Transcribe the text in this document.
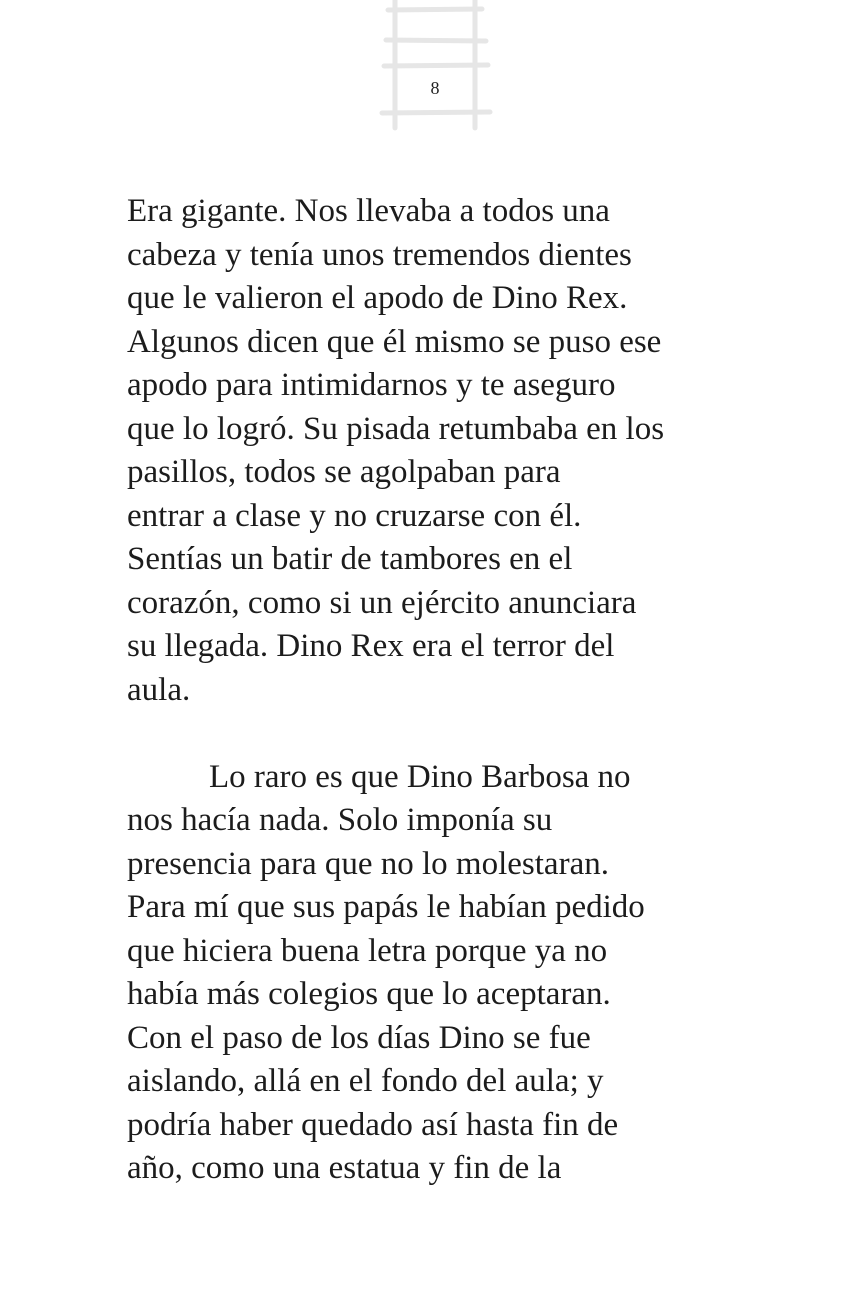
8
Era gigante. Nos llevaba a todos una
cabeza y tenía unos tremendos dientes
que le valieron el apodo de Dino Rex.
Algunos dicen que él mismo se puso ese
apodo para intimidarnos y te aseguro
que lo logró. Su pisada retumbaba en los
pasillos, todos se agolpaban para
entrar a clase y no cruzarse con él.
Sentías un batir de tambores en el
corazón, como si un ejército anunciara
su llegada. Dino Rex era el terror del
aula.
Lo raro es que Dino Barbosa no
nos hacía nada. Solo imponía su
presencia para que no lo molestaran.
Para mí que sus papás le habían pedido
que hiciera buena letra porque ya no
había más colegios que lo aceptaran.
Con el paso de los días Dino se fue
aislando, allá en el fondo del aula; y
podría haber quedado así hasta fin de
año, como una estatua y fin de la
